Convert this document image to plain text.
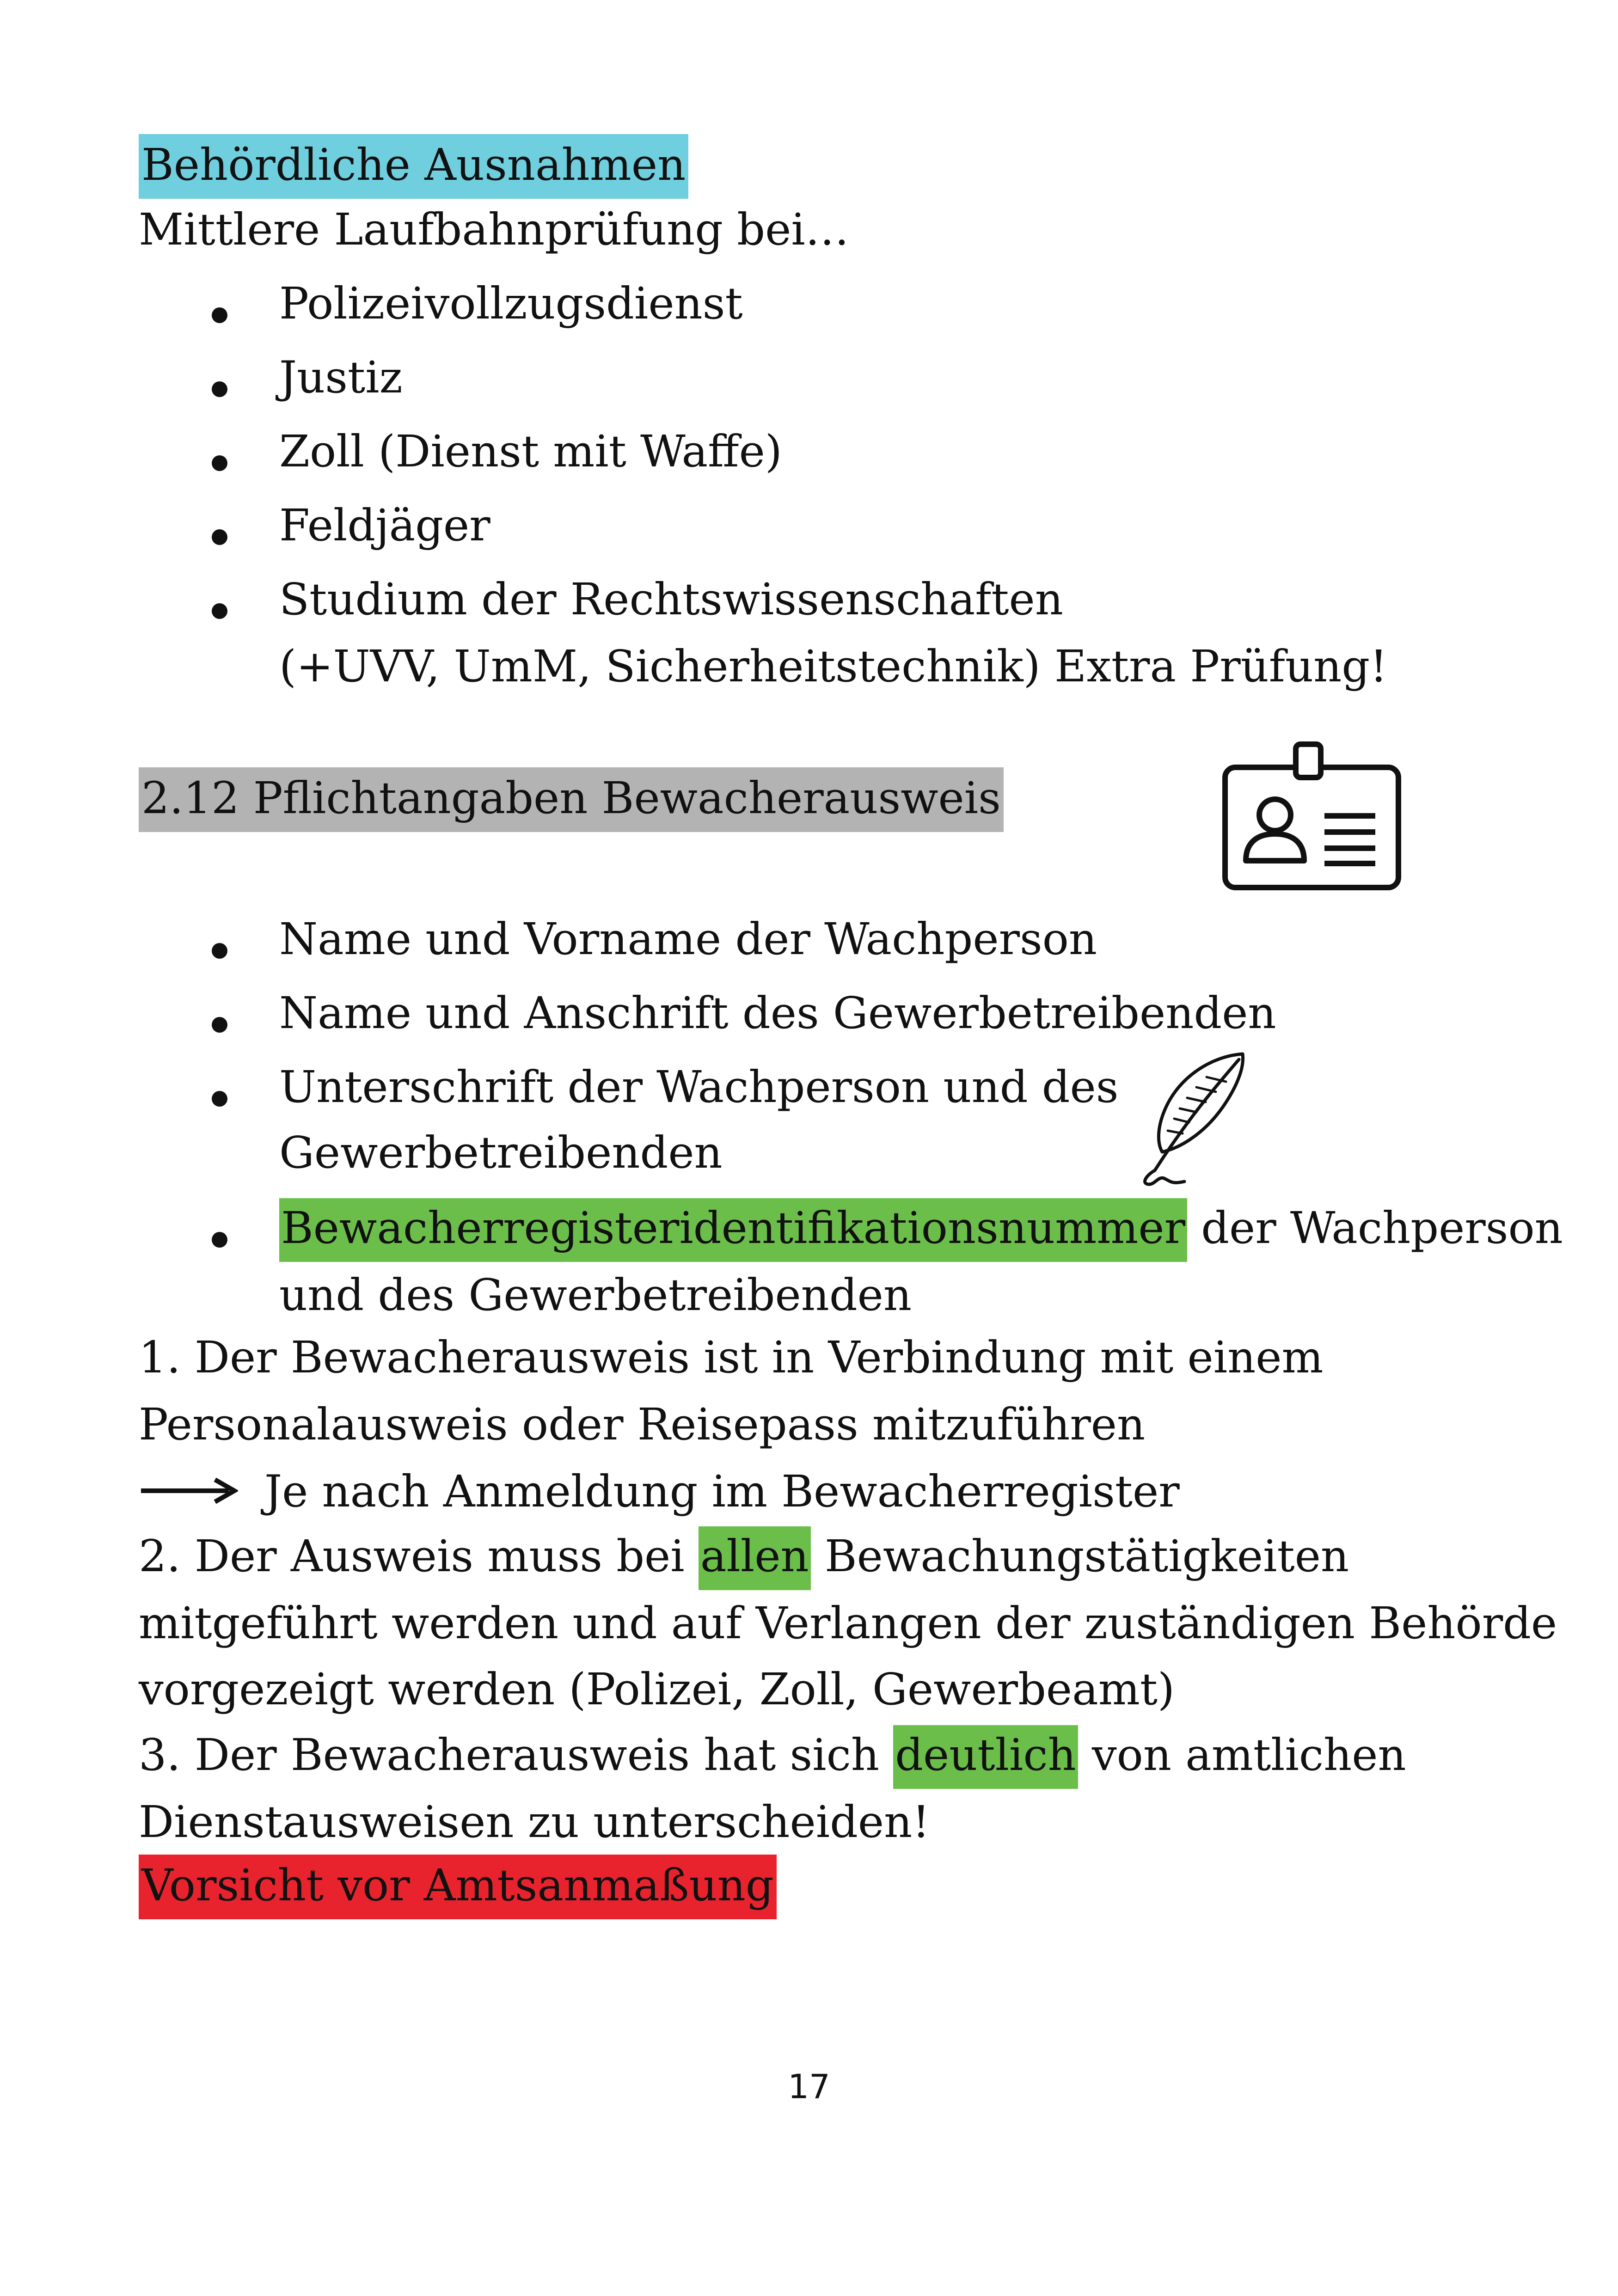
Behördliche Ausnahmen
Mittlere Laufbahnprüfung bei…
Polizeivollzugsdienst
Justiz
Zoll (Dienst mit Waffe)
Feldjäger
Studium der Rechtswissenschaften
(+UVV, UmM, Sicherheitstechnik) Extra Prüfung!
2.12 Pflichtangaben Bewacherausweis
Name und Vorname der Wachperson
Name und Anschrift des Gewerbetreibenden
Unterschrift der Wachperson und des
Gewerbetreibenden
Bewacherregisteridentifikationsnummer der Wachperson
und des Gewerbetreibenden
1. Der Bewacherausweis ist in Verbindung mit einem
Personalausweis oder Reisepass mitzuführen
Je nach Anmeldung im Bewacherregister
2. Der Ausweis muss bei allen Bewachungstätigkeiten
mitgeführt werden und auf Verlangen der zuständigen Behörde
vorgezeigt werden (Polizei, Zoll, Gewerbeamt)
3. Der Bewacherausweis hat sich deutlich von amtlichen
Dienstausweisen zu unterscheiden!
Vorsicht vor Amtsanmaßung
17
